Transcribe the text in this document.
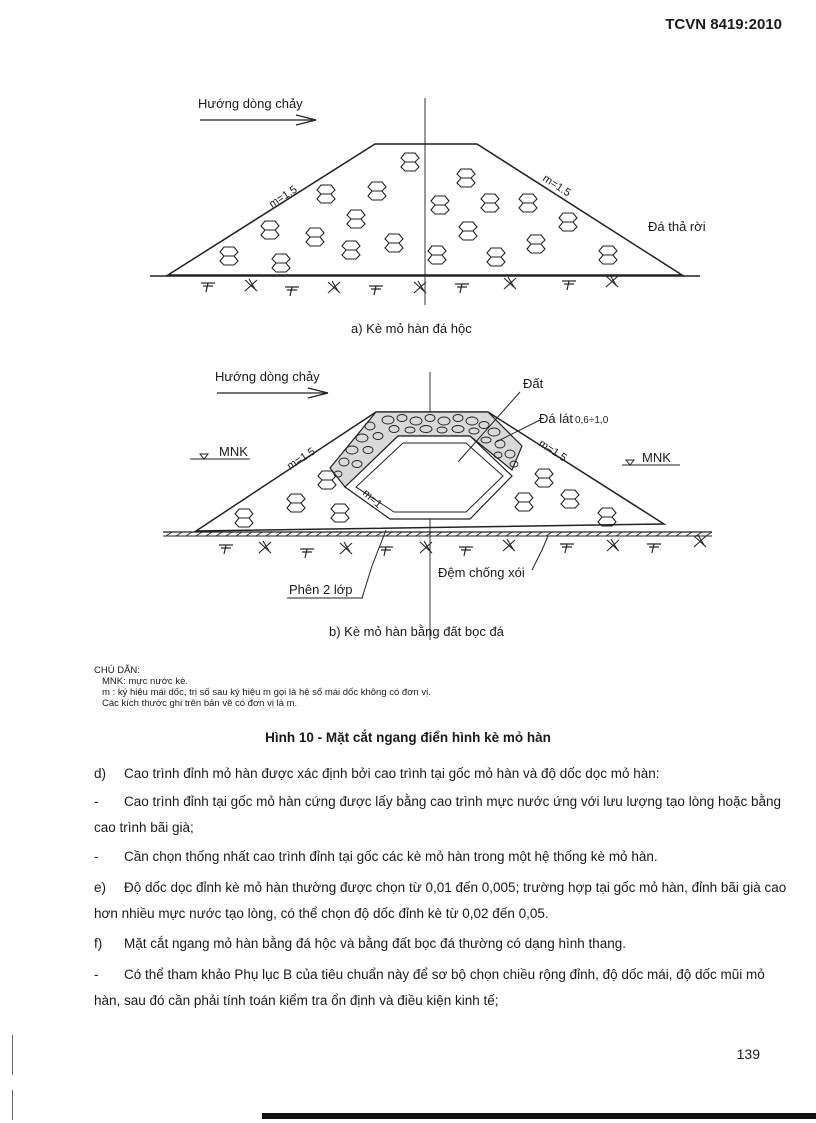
TCVN 8419:2010
Hướng dòng chảy
m=1.5	m=1.5
Đá thả rời
a) Kè mỏ hàn đá hộc
Hướng dòng chảy	Đất
Đá lát 0,6÷1,0
MNK	MNK
m=1.5	m=1.5
m=1
Đệm chống xói
Phên 2 lớp
b) Kè mỏ hàn bằng đất bọc đá
CHÚ DẪN:
MNK: mực nước kè.
m : ký hiệu mái dốc, trị số sau ký hiệu m gọi là hệ số mái dốc không có đơn vị.
Các kích thước ghi trên bản vẽ có đơn vị là m.
Hình 10 - Mặt cắt ngang điển hình kè mỏ hàn
d) Cao trình đỉnh mỏ hàn được xác định bởi cao trình tại gốc mỏ hàn và độ dốc dọc mỏ hàn:
- Cao trình đỉnh tại gốc mỏ hàn cứng được lấy bằng cao trình mực nước ứng với lưu lượng tạo lòng hoặc bằng cao trình bãi già;
- Cần chọn thống nhất cao trình đỉnh tại gốc các kè mỏ hàn trong một hệ thống kè mỏ hàn.
e) Độ dốc dọc đỉnh kè mỏ hàn thường được chọn từ 0,01 đến 0,005; trường hợp tại gốc mỏ hàn, đỉnh bãi già cao hơn nhiều mực nước tạo lòng, có thể chọn độ dốc đỉnh kè từ 0,02 đến 0,05.
f) Mặt cắt ngang mỏ hàn bằng đá hộc và bằng đất bọc đá thường có dạng hình thang.
- Có thể tham khảo Phụ lục B của tiêu chuẩn này để sơ bộ chọn chiều rộng đỉnh, độ dốc mái, độ dốc mũi mỏ hàn, sau đó cần phải tính toán kiểm tra ổn định và điều kiện kinh tế;
139
